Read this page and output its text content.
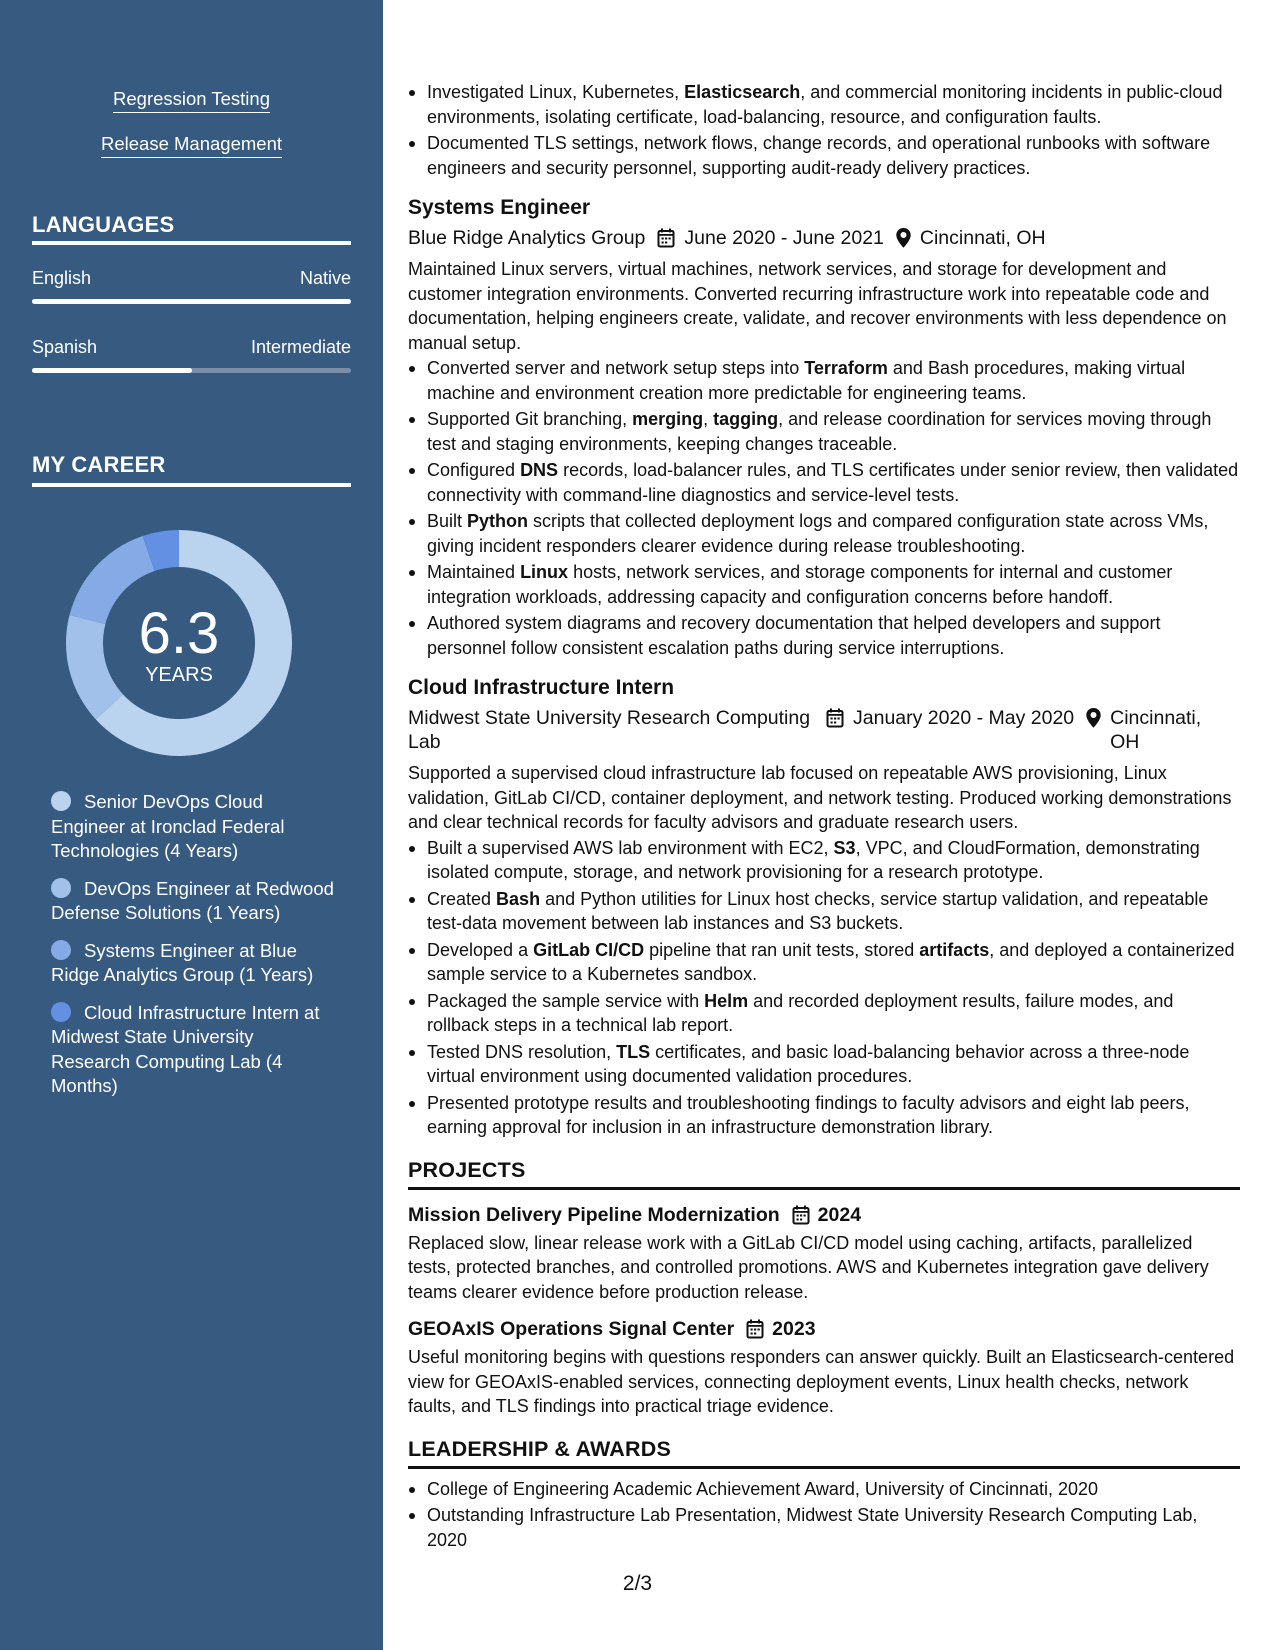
Regression Testing
Release Management
LANGUAGES
English	Native
Spanish	Intermediate
MY CAREER
6.3
YEARS
Senior DevOps Cloud Engineer at Ironclad Federal Technologies (4 Years)
DevOps Engineer at Redwood Defense Solutions (1 Years)
Systems Engineer at Blue Ridge Analytics Group (1 Years)
Cloud Infrastructure Intern at Midwest State University Research Computing Lab (4 Months)
Investigated Linux, Kubernetes, Elasticsearch, and commercial monitoring incidents in public-cloud environments, isolating certificate, load-balancing, resource, and configuration faults.
Documented TLS settings, network flows, change records, and operational runbooks with software engineers and security personnel, supporting audit-ready delivery practices.
Systems Engineer
Blue Ridge Analytics Group June 2020 - June 2021 Cincinnati, OH
Maintained Linux servers, virtual machines, network services, and storage for development and customer integration environments. Converted recurring infrastructure work into repeatable code and documentation, helping engineers create, validate, and recover environments with less dependence on manual setup.
Converted server and network setup steps into Terraform and Bash procedures, making virtual machine and environment creation more predictable for engineering teams.
Supported Git branching, merging, tagging, and release coordination for services moving through test and staging environments, keeping changes traceable.
Configured DNS records, load-balancer rules, and TLS certificates under senior review, then validated connectivity with command-line diagnostics and service-level tests.
Built Python scripts that collected deployment logs and compared configuration state across VMs, giving incident responders clearer evidence during release troubleshooting.
Maintained Linux hosts, network services, and storage components for internal and customer integration workloads, addressing capacity and configuration concerns before handoff.
Authored system diagrams and recovery documentation that helped developers and support personnel follow consistent escalation paths during service interruptions.
Cloud Infrastructure Intern
Midwest State University Research Computing Lab
January 2020 - May 2020 Cincinnati, OH
Supported a supervised cloud infrastructure lab focused on repeatable AWS provisioning, Linux validation, GitLab CI/CD, container deployment, and network testing. Produced working demonstrations and clear technical records for faculty advisors and graduate research users.
Built a supervised AWS lab environment with EC2, S3, VPC, and CloudFormation, demonstrating isolated compute, storage, and network provisioning for a research prototype.
Created Bash and Python utilities for Linux host checks, service startup validation, and repeatable test-data movement between lab instances and S3 buckets.
Developed a GitLab CI/CD pipeline that ran unit tests, stored artifacts, and deployed a containerized sample service to a Kubernetes sandbox.
Packaged the sample service with Helm and recorded deployment results, failure modes, and rollback steps in a technical lab report.
Tested DNS resolution, TLS certificates, and basic load-balancing behavior across a three-node virtual environment using documented validation procedures.
Presented prototype results and troubleshooting findings to faculty advisors and eight lab peers, earning approval for inclusion in an infrastructure demonstration library.
PROJECTS
Mission Delivery Pipeline Modernization 2024
Replaced slow, linear release work with a GitLab CI/CD model using caching, artifacts, parallelized tests, protected branches, and controlled promotions. AWS and Kubernetes integration gave delivery teams clearer evidence before production release.
GEOAxIS Operations Signal Center 2023
Useful monitoring begins with questions responders can answer quickly. Built an Elasticsearch-centered view for GEOAxIS-enabled services, connecting deployment events, Linux health checks, network faults, and TLS findings into practical triage evidence.
LEADERSHIP & AWARDS
College of Engineering Academic Achievement Award, University of Cincinnati, 2020
Outstanding Infrastructure Lab Presentation, Midwest State University Research Computing Lab, 2020
2/3
